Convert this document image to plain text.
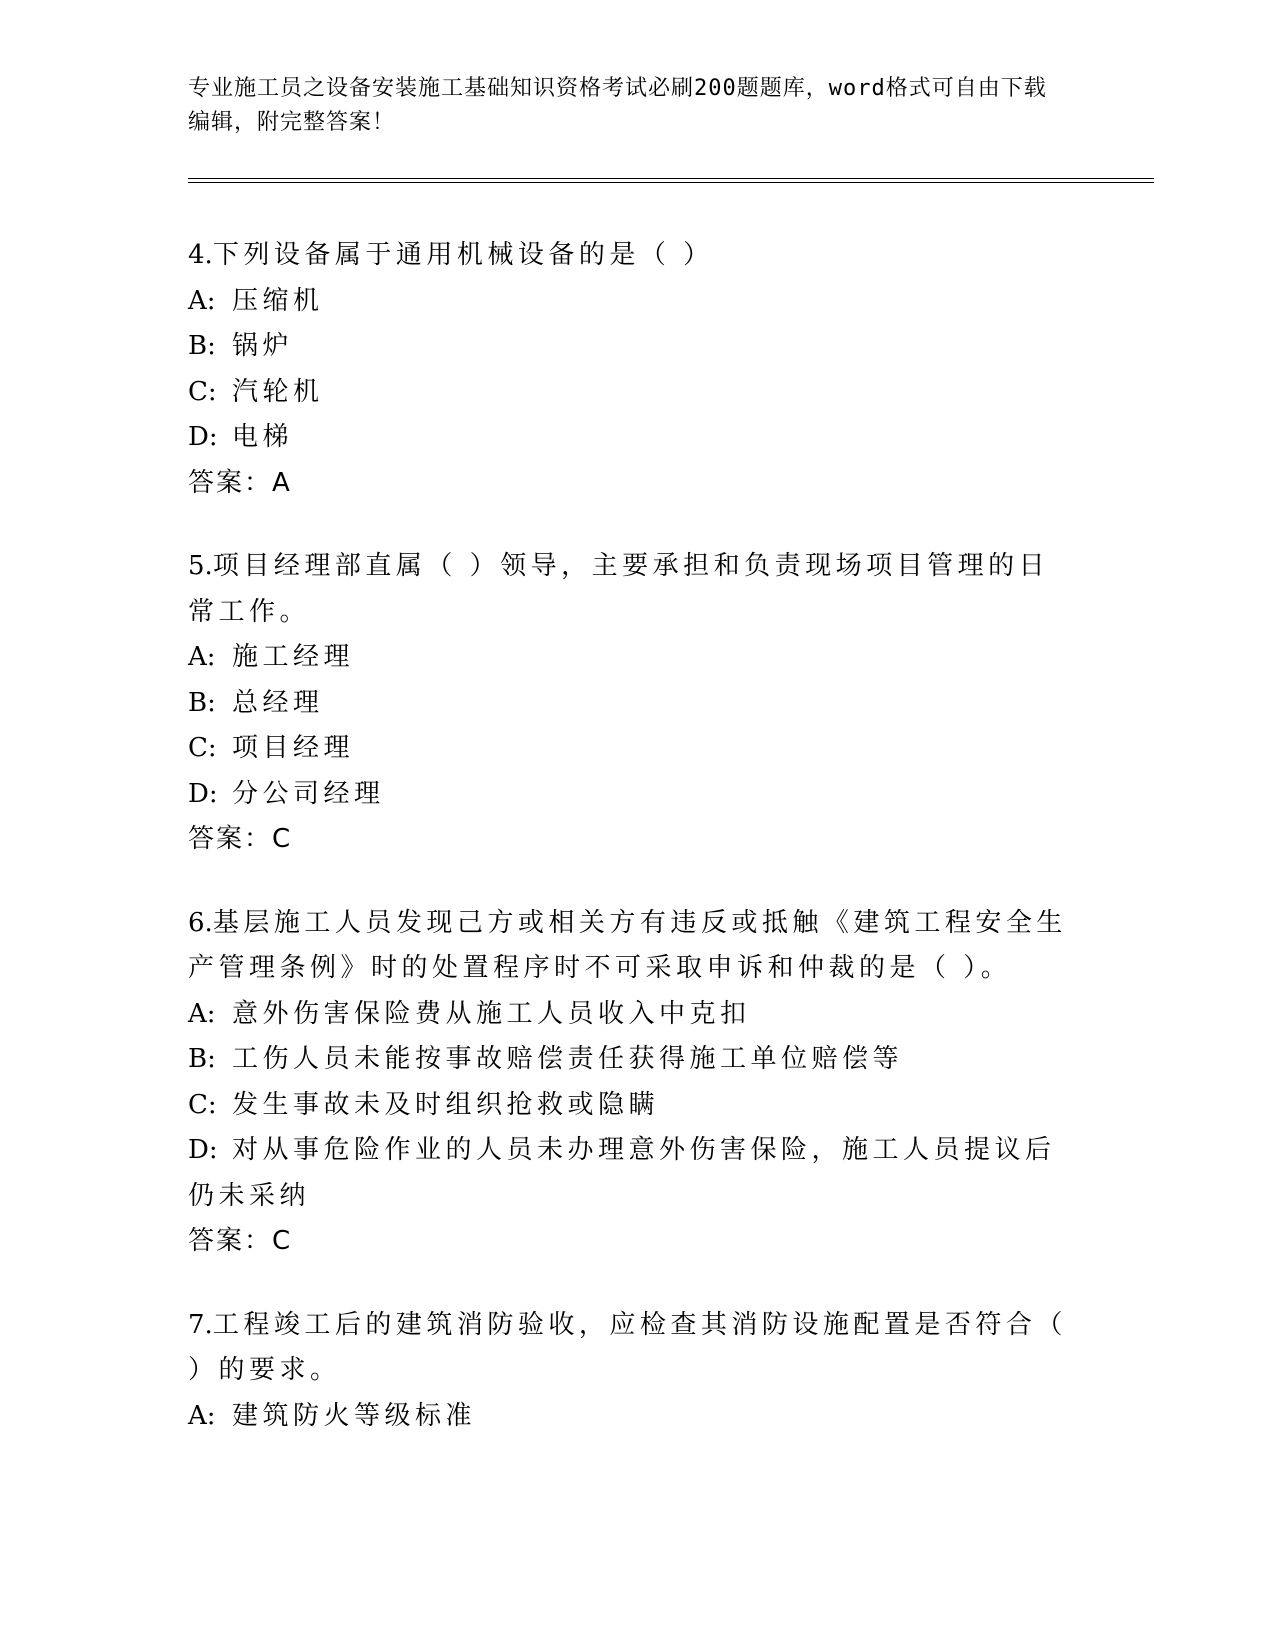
专业施工员之设备安装施工基础知识资格考试必刷200题题库，word格式可自由下载编辑，附完整答案！
4.下列设备属于通用机械设备的是（ ）
A: 压缩机
B: 锅炉
C: 汽轮机
D: 电梯
答案：A
5.项目经理部直属（ ）领导，主要承担和负责现场项目管理的日常工作。
A: 施工经理
B: 总经理
C: 项目经理
D: 分公司经理
答案：C
6.基层施工人员发现己方或相关方有违反或抵触《建筑工程安全生产管理条例》时的处置程序时不可采取申诉和仲裁的是（ ）。
A: 意外伤害保险费从施工人员收入中克扣
B: 工伤人员未能按事故赔偿责任获得施工单位赔偿等
C: 发生事故未及时组织抢救或隐瞒
D: 对从事危险作业的人员未办理意外伤害保险，施工人员提议后仍未采纳
答案：C
7.工程竣工后的建筑消防验收，应检查其消防设施配置是否符合（ ）的要求。
A: 建筑防火等级标准
